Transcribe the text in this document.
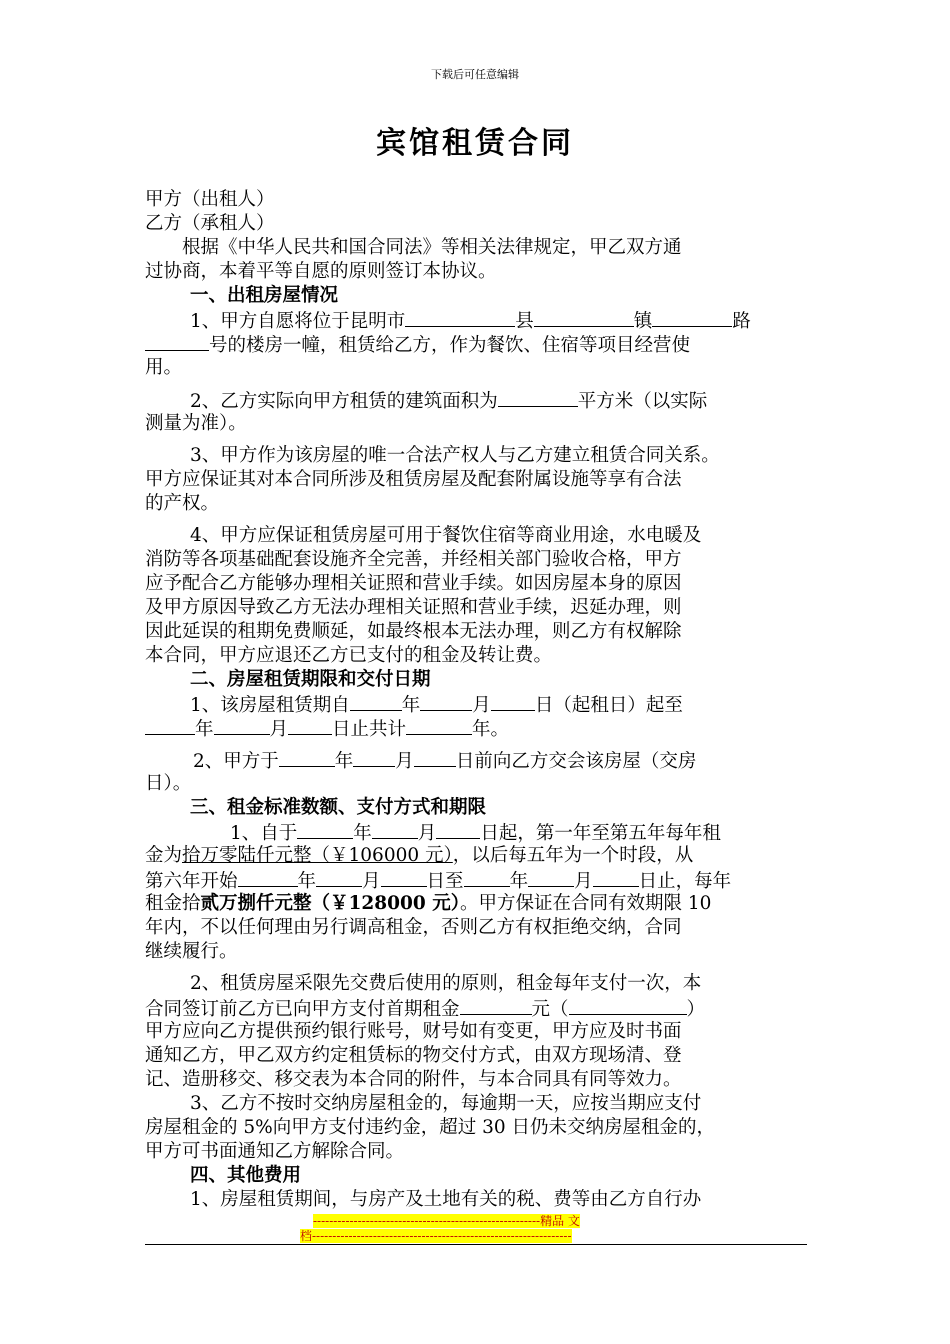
下载后可任意编辑
宾馆租赁合同
甲方（出租人）
乙方（承租人）
根据《中华人民共和国合同法》等相关法律规定，甲乙双方通
过协商，本着平等自愿的原则签订本协议。
一、出租房屋情况
1、甲方自愿将位于昆明市	县	镇	路
号的楼房一幢，租赁给乙方，作为餐饮、住宿等项目经营使
用。
2、乙方实际向甲方租赁的建筑面积为	平方米（以实际
测量为准）。
3、甲方作为该房屋的唯一合法产权人与乙方建立租赁合同关系。
甲方应保证其对本合同所涉及租赁房屋及配套附属设施等享有合法
的产权。
4、甲方应保证租赁房屋可用于餐饮住宿等商业用途，水电暖及
消防等各项基础配套设施齐全完善，并经相关部门验收合格，甲方
应予配合乙方能够办理相关证照和营业手续。如因房屋本身的原因
及甲方原因导致乙方无法办理相关证照和营业手续，迟延办理，则
因此延误的租期免费顺延，如最终根本无法办理，则乙方有权解除
本合同，甲方应退还乙方已支付的租金及转让费。
二、房屋租赁期限和交付日期
1、该房屋租赁期自	年	月 日（起租日）起至
年	月 日止共计	年。
2、甲方于	年 月 日前向乙方交会该房屋（交房
日）。
三、租金标准数额、支付方式和期限
1、自于	年 月 日起，第一年至第五年每年租
金为拾万零陆仟元整（￥106000 元），以后每五年为一个时段，从
第六年开始	年 月 日至 年 月 日止，每年
租金拾贰万捌仟元整（￥128000 元）。甲方保证在合同有效期限 10
年内，不以任何理由另行调高租金，否则乙方有权拒绝交纳，合同
继续履行。
2、租赁房屋采限先交费后使用的原则，租金每年支付一次，本
合同签订前乙方已向甲方支付首期租金	元（	）
甲方应向乙方提供预约银行账号，财号如有变更，甲方应及时书面
通知乙方，甲乙双方约定租赁标的物交付方式，由双方现场清、登
记、造册移交、移交表为本合同的附件，与本合同具有同等效力。
3、乙方不按时交纳房屋租金的，每逾期一天，应按当期应支付
房屋租金的 5%向甲方支付违约金，超过 30 日仍未交纳房屋租金的，
甲方可书面通知乙方解除合同。
四、其他费用
1、房屋租赁期间，与房产及土地有关的税、费等由乙方自行办
--------------------------------------------------------精品 文
档----------------------------------------------------------------
